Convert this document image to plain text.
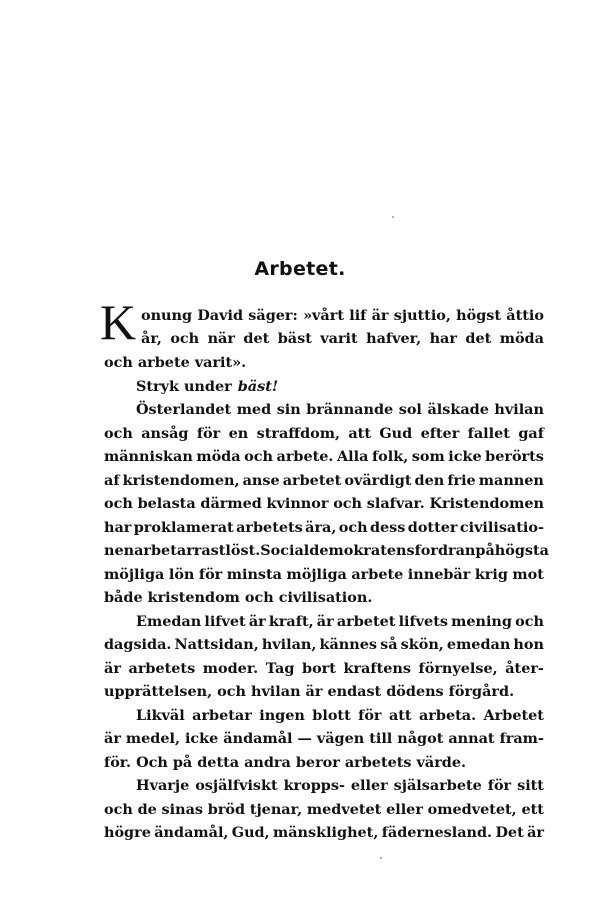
Arbetet.
K onung David säger: »vårt lif är sjuttio, högst åttio
år, och när det bäst varit hafver, har det möda
och arbete varit».
Stryk under bäst!
Österlandet med sin brännande sol älskade hvilan
och ansåg för en straffdom, att Gud efter fallet gaf
människan möda och arbete. Alla folk, som icke berörts
af kristendomen, anse arbetet ovärdigt den frie mannen
och belasta därmed kvinnor och slafvar. Kristendomen
har proklamerat arbetets ära, och dess dotter civilisatio-
nen arbetar rastlöst. Socialdemokratens fordran på högsta
möjliga lön för minsta möjliga arbete innebär krig mot
både kristendom och civilisation.
Emedan lifvet är kraft, är arbetet lifvets mening och
dagsida. Nattsidan, hvilan, kännes så skön, emedan hon
är arbetets moder. Tag bort kraftens förnyelse, åter-
upprättelsen, och hvilan är endast dödens förgård.
Likväl arbetar ingen blott för att arbeta. Arbetet
är medel, icke ändamål — vägen till något annat fram-
för. Och på detta andra beror arbetets värde.
Hvarje osjälfviskt kropps- eller själsarbete för sitt
och de sinas bröd tjenar, medvetet eller omedvetet, ett
högre ändamål, Gud, mänsklighet, fädernesland. Det är
